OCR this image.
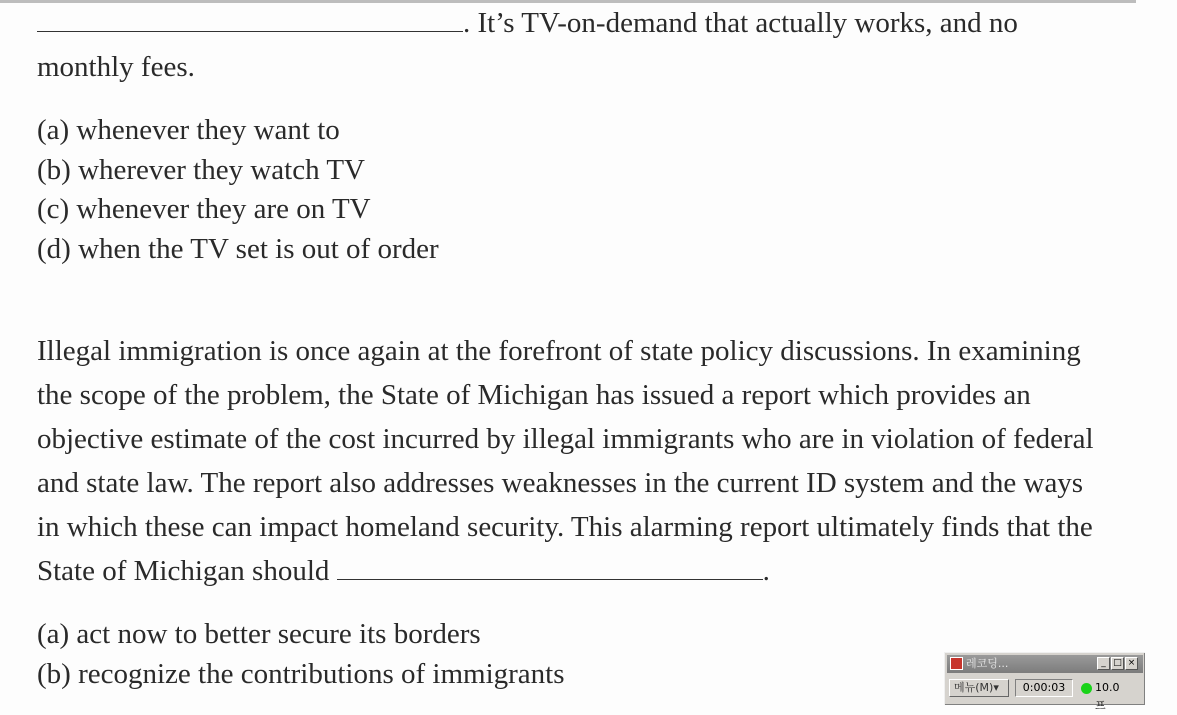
. It’s TV-on-demand that actually works, and no
monthly fees.
(a) whenever they want to
(b) wherever they watch TV
(c) whenever they are on TV
(d) when the TV set is out of order
Illegal immigration is once again at the forefront of state policy discussions. In examining
the scope of the problem, the State of Michigan has issued a report which provides an
objective estimate of the cost incurred by illegal immigrants who are in violation of federal
and state law. The report also addresses weaknesses in the current ID system and the ways
in which these can impact homeland security. This alarming report ultimately finds that the
State of Michigan should	.
(a) act now to better secure its borders
(b) recognize the contributions of immigrants	레코딩...	_ □ ×
메뉴(M)▾	0:00:03	10.0프
